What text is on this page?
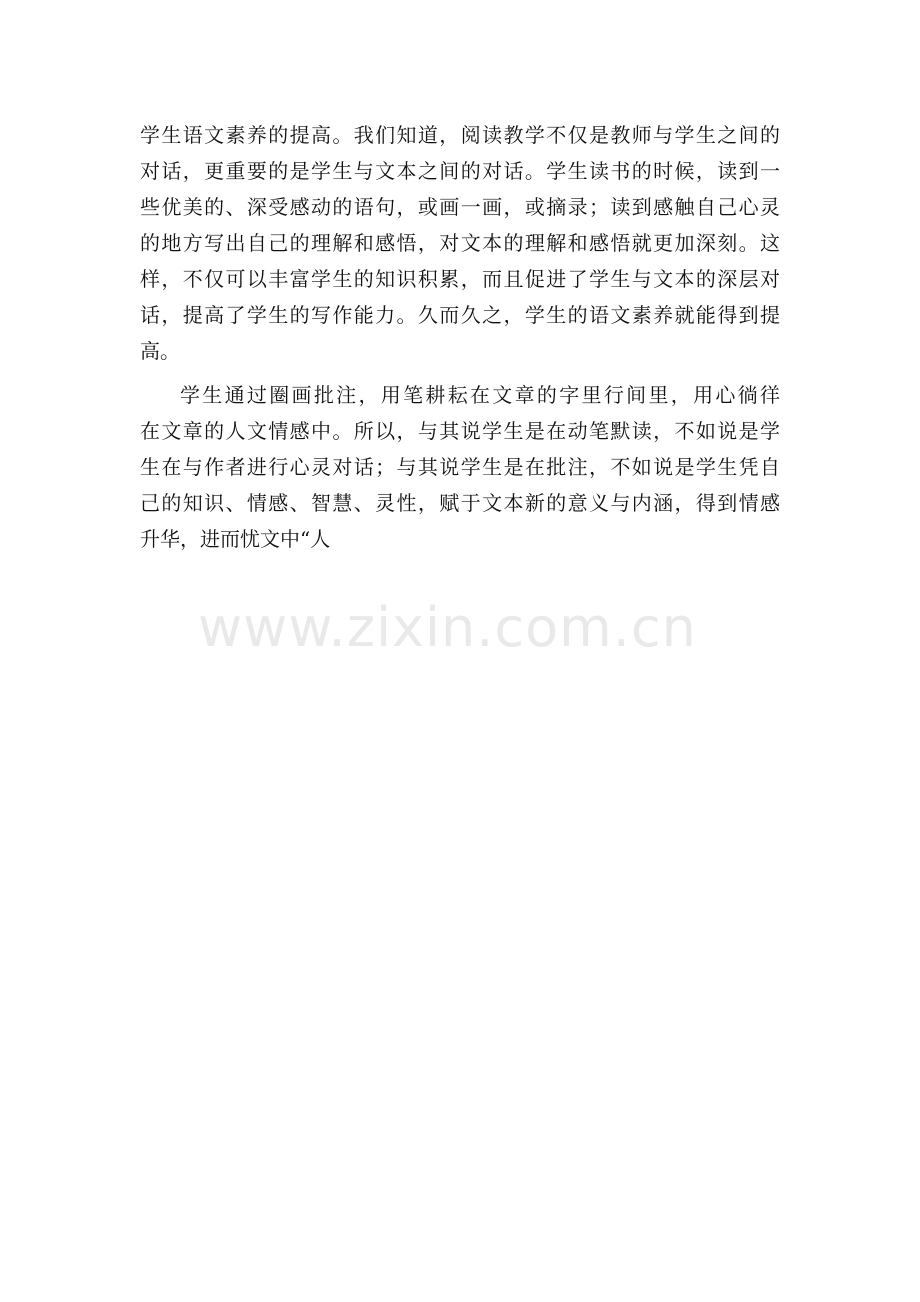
学生语文素养的提高。我们知道，阅读教学不仅是教师与学生之间的
对话，更重要的是学生与文本之间的对话。学生读书的时候，读到一
些优美的、深受感动的语句，或画一画，或摘录；读到感触自己心灵
的地方写出自己的理解和感悟，对文本的理解和感悟就更加深刻。这
样，不仅可以丰富学生的知识积累，而且促进了学生与文本的深层对
话，提高了学生的写作能力。久而久之，学生的语文素养就能得到提
高。

学生通过圈画批注，用笔耕耘在文章的字里行间里，用心徜徉
在文章的人文情感中。所以，与其说学生是在动笔默读，不如说是学
生在与作者进行心灵对话；与其说学生是在批注，不如说是学生凭自
己的知识、情感、智慧、灵性，赋于文本新的意义与内涵，得到情感
升华，进而忧文中“人

www.zixin.com.cn
